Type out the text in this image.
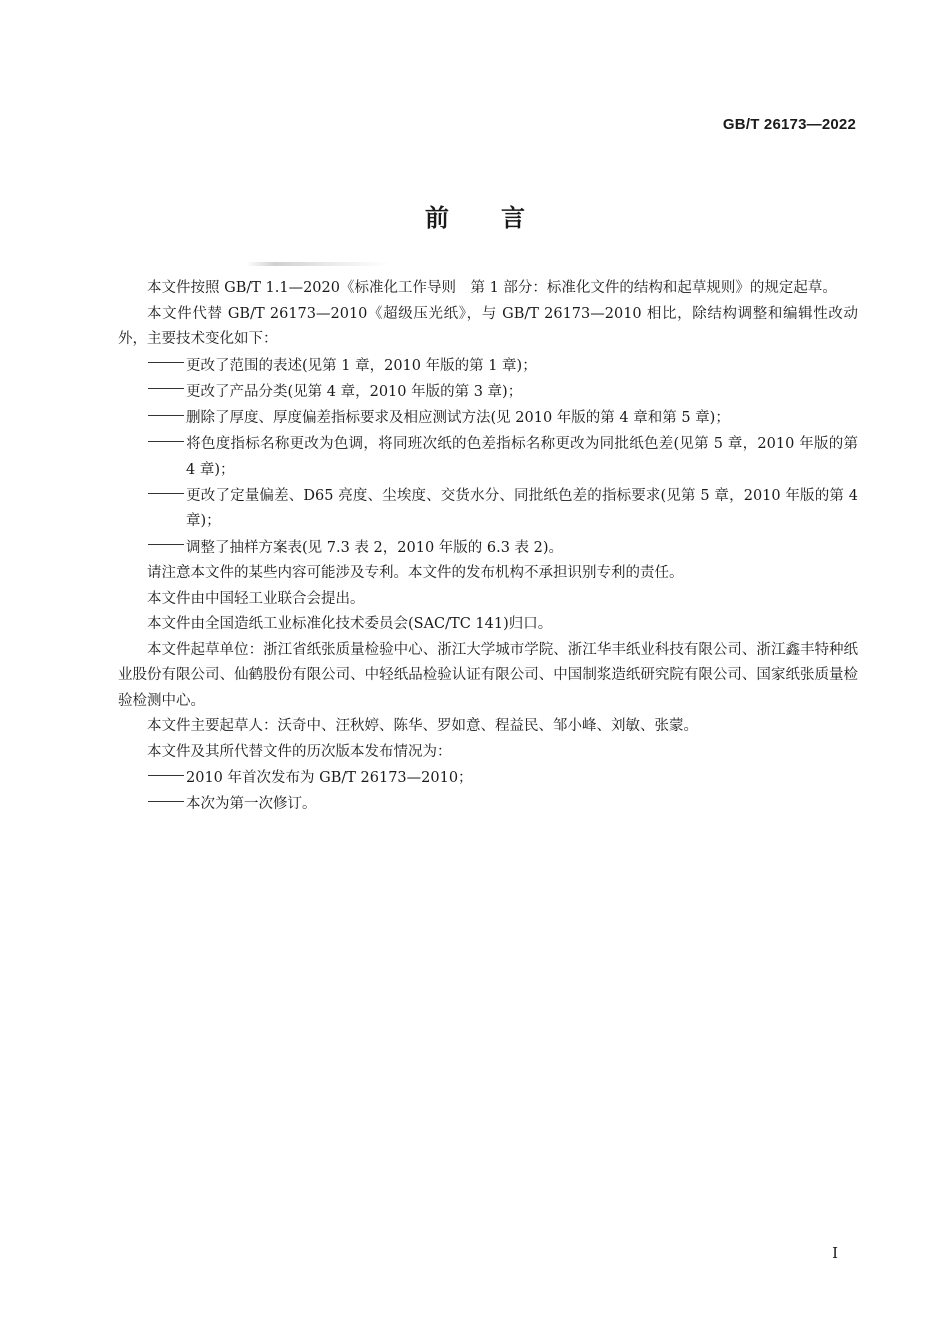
GB/T 26173—2022
前言

本文件按照 GB/T 1.1—2020《标准化工作导则　第 1 部分：标准化文件的结构和起草规则》的规定起草。

本文件代替 GB/T 26173—2010《超级压光纸》，与 GB/T 26173—2010 相比，除结构调整和编辑性改动外，主要技术变化如下：

更改了范围的表述(见第 1 章，2010 年版的第 1 章)；

更改了产品分类(见第 4 章，2010 年版的第 3 章)；

删除了厚度、厚度偏差指标要求及相应测试方法(见 2010 年版的第 4 章和第 5 章)；

将色度指标名称更改为色调，将同班次纸的色差指标名称更改为同批纸色差(见第 5 章，2010 年版的第 4 章)；

更改了定量偏差、D65 亮度、尘埃度、交货水分、同批纸色差的指标要求(见第 5 章，2010 年版的第 4 章)；

调整了抽样方案表(见 7.3 表 2，2010 年版的 6.3 表 2)。

请注意本文件的某些内容可能涉及专利。本文件的发布机构不承担识别专利的责任。

本文件由中国轻工业联合会提出。

本文件由全国造纸工业标准化技术委员会(SAC/TC 141)归口。

本文件起草单位：浙江省纸张质量检验中心、浙江大学城市学院、浙江华丰纸业科技有限公司、浙江鑫丰特种纸业股份有限公司、仙鹤股份有限公司、中轻纸品检验认证有限公司、中国制浆造纸研究院有限公司、国家纸张质量检验检测中心。

本文件主要起草人：沃奇中、汪秋婷、陈华、罗如意、程益民、邹小峰、刘敏、张蒙。

本文件及其所代替文件的历次版本发布情况为：

2010 年首次发布为 GB/T 26173—2010；

本次为第一次修订。

I
